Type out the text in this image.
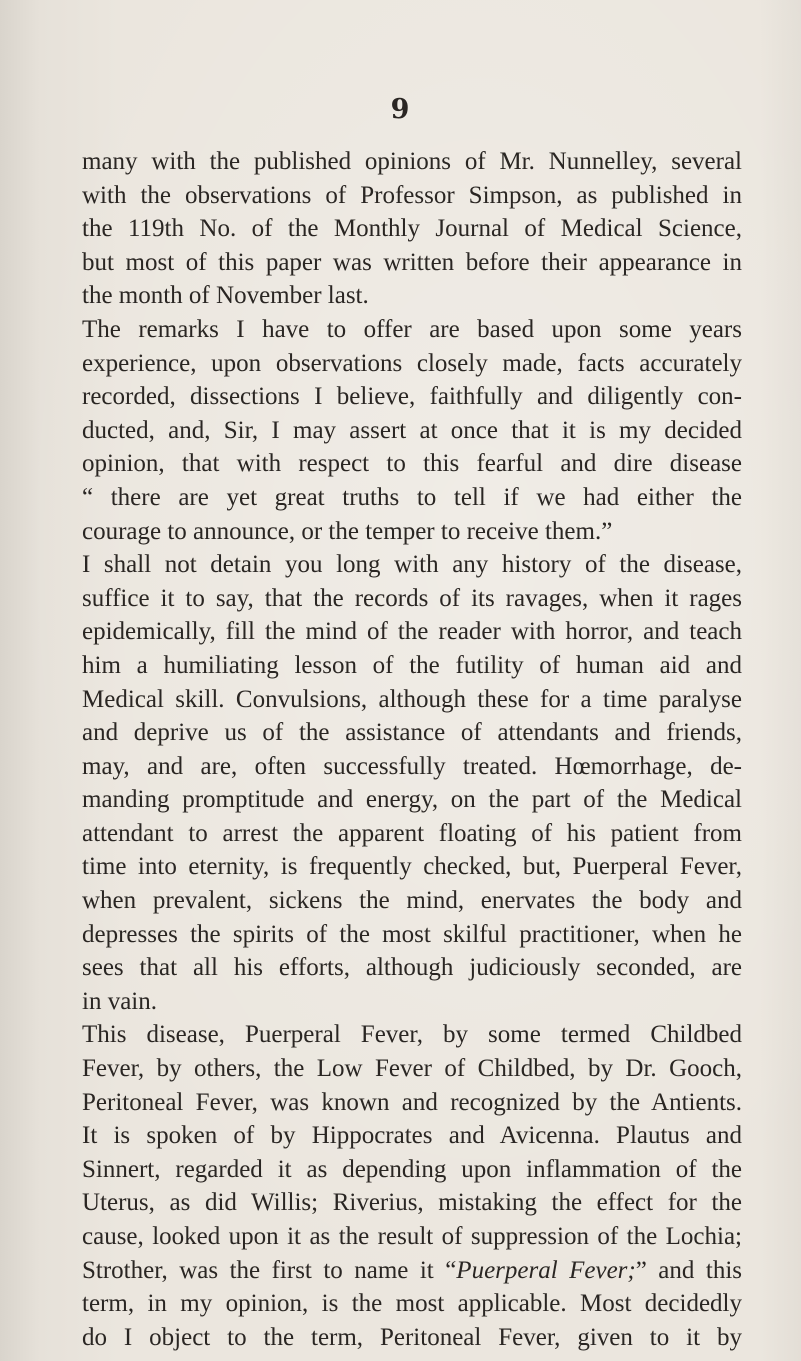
9
many with the published opinions of Mr. Nunnelley, several
with the observations of Professor Simpson, as published in
the 119th No. of the Monthly Journal of Medical Science,
but most of this paper was written before their appearance in
the month of November last.
The remarks I have to offer are based upon some years
experience, upon observations closely made, facts accurately
recorded, dissections I believe, faithfully and diligently con-
ducted, and, Sir, I may assert at once that it is my decided
opinion, that with respect to this fearful and dire disease
“ there are yet great truths to tell if we had either the
courage to announce, or the temper to receive them.”
I shall not detain you long with any history of the disease,
suffice it to say, that the records of its ravages, when it rages
epidemically, fill the mind of the reader with horror, and teach
him a humiliating lesson of the futility of human aid and
Medical skill. Convulsions, although these for a time paralyse
and deprive us of the assistance of attendants and friends,
may, and are, often successfully treated. Hœmorrhage, de-
manding promptitude and energy, on the part of the Medical
attendant to arrest the apparent floating of his patient from
time into eternity, is frequently checked, but, Puerperal Fever,
when prevalent, sickens the mind, enervates the body and
depresses the spirits of the most skilful practitioner, when he
sees that all his efforts, although judiciously seconded, are
in vain.
This disease, Puerperal Fever, by some termed Childbed
Fever, by others, the Low Fever of Childbed, by Dr. Gooch,
Peritoneal Fever, was known and recognized by the Antients.
It is spoken of by Hippocrates and Avicenna. Plautus and
Sinnert, regarded it as depending upon inflammation of the
Uterus, as did Willis; Riverius, mistaking the effect for the
cause, looked upon it as the result of suppression of the Lochia;
Strother, was the first to name it “Puerperal Fever;” and this
term, in my opinion, is the most applicable. Most decidedly
do I object to the term, Peritoneal Fever, given to it by
